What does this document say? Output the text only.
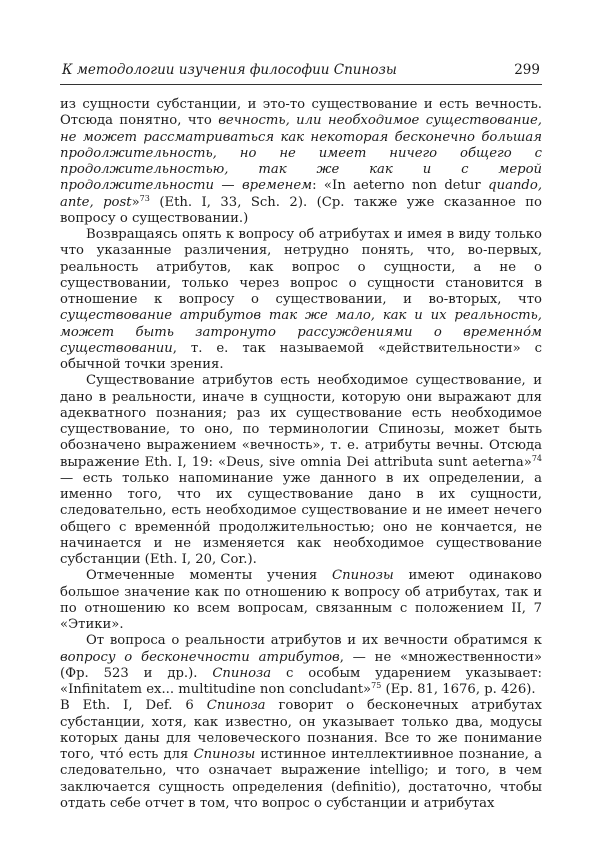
К методологии изучения философии Спинозы	299

из сущности субстанции, и это-то существование и есть вечность. Отсюда понятно, что вечность, или необходимое существование, не может рассматриваться как некоторая бесконечно большая продолжительность, но не имеет ничего общего с продолжительностью, так же как и с мерой продолжительности — временем: «In aeterno non detur quando, ante, post»$^{73}$ (Eth. I, 33, Sch. 2). (Ср. также уже сказанное по вопросу о существовании.)

Возвращаясь опять к вопросу об атрибутах и имея в виду только что указанные различения, нетрудно понять, что, во-первых, реальность атрибутов, как вопрос о сущности, а не о существовании, только через вопрос о сущности становится в отношение к вопросу о существовании, и во-вторых, что существование атрибутов так же мало, как и их реальность, может быть затронуто рассуждениями о временно́м существовании, т. е. так называемой «действительности» с обычной точки зрения.

Существование атрибутов есть необходимое существование, и дано в реальности, иначе в сущности, которую они выражают для адекватного познания; раз их существование есть необходимое существование, то оно, по терминологии Спинозы, может быть обозначено выражением «вечность», т. е. атрибуты вечны. Отсюда выражение Eth. I, 19: «Deus, sive omnia Dei attributa sunt aeterna»$^{74}$ — есть только напоминание уже данного в их определении, а именно того, что их существование дано в их сущности, следовательно, есть необходимое существование и не имеет нечего общего с временно́й продолжительностью; оно не кончается, не начинается и не изменяется как необходимое существование субстанции (Eth. I, 20, Cor.).

Отмеченные моменты учения Спинозы имеют одинаково большое значение как по отношению к вопросу об атрибутах, так и по отношению ко всем вопросам, связанным с положением II, 7 «Этики».

От вопроса о реальности атрибутов и их вечности обратимся к вопросу о бесконечности атрибутов, — не «множественности» (Фр. 523 и др.). Спиноза с особым ударением указывает: «Infinitatem ex... multitudine non concludant»$^{75}$ (Ep. 81, 1676, p. 426).

В Eth. I, Def. 6 Спиноза говорит о бесконечных атрибутах субстанции, хотя, как известно, он указывает только два, модусы которых даны для человеческого познания. Все то же понимание того, что́ есть для Спинозы истинное интеллектиивное познание, а следовательно, что означает выражение intelligo; и того, в чем заключается сущность определения (definitio), достаточно, чтобы отдать себе отчет в том, что вопрос о субстанции и атрибутах
